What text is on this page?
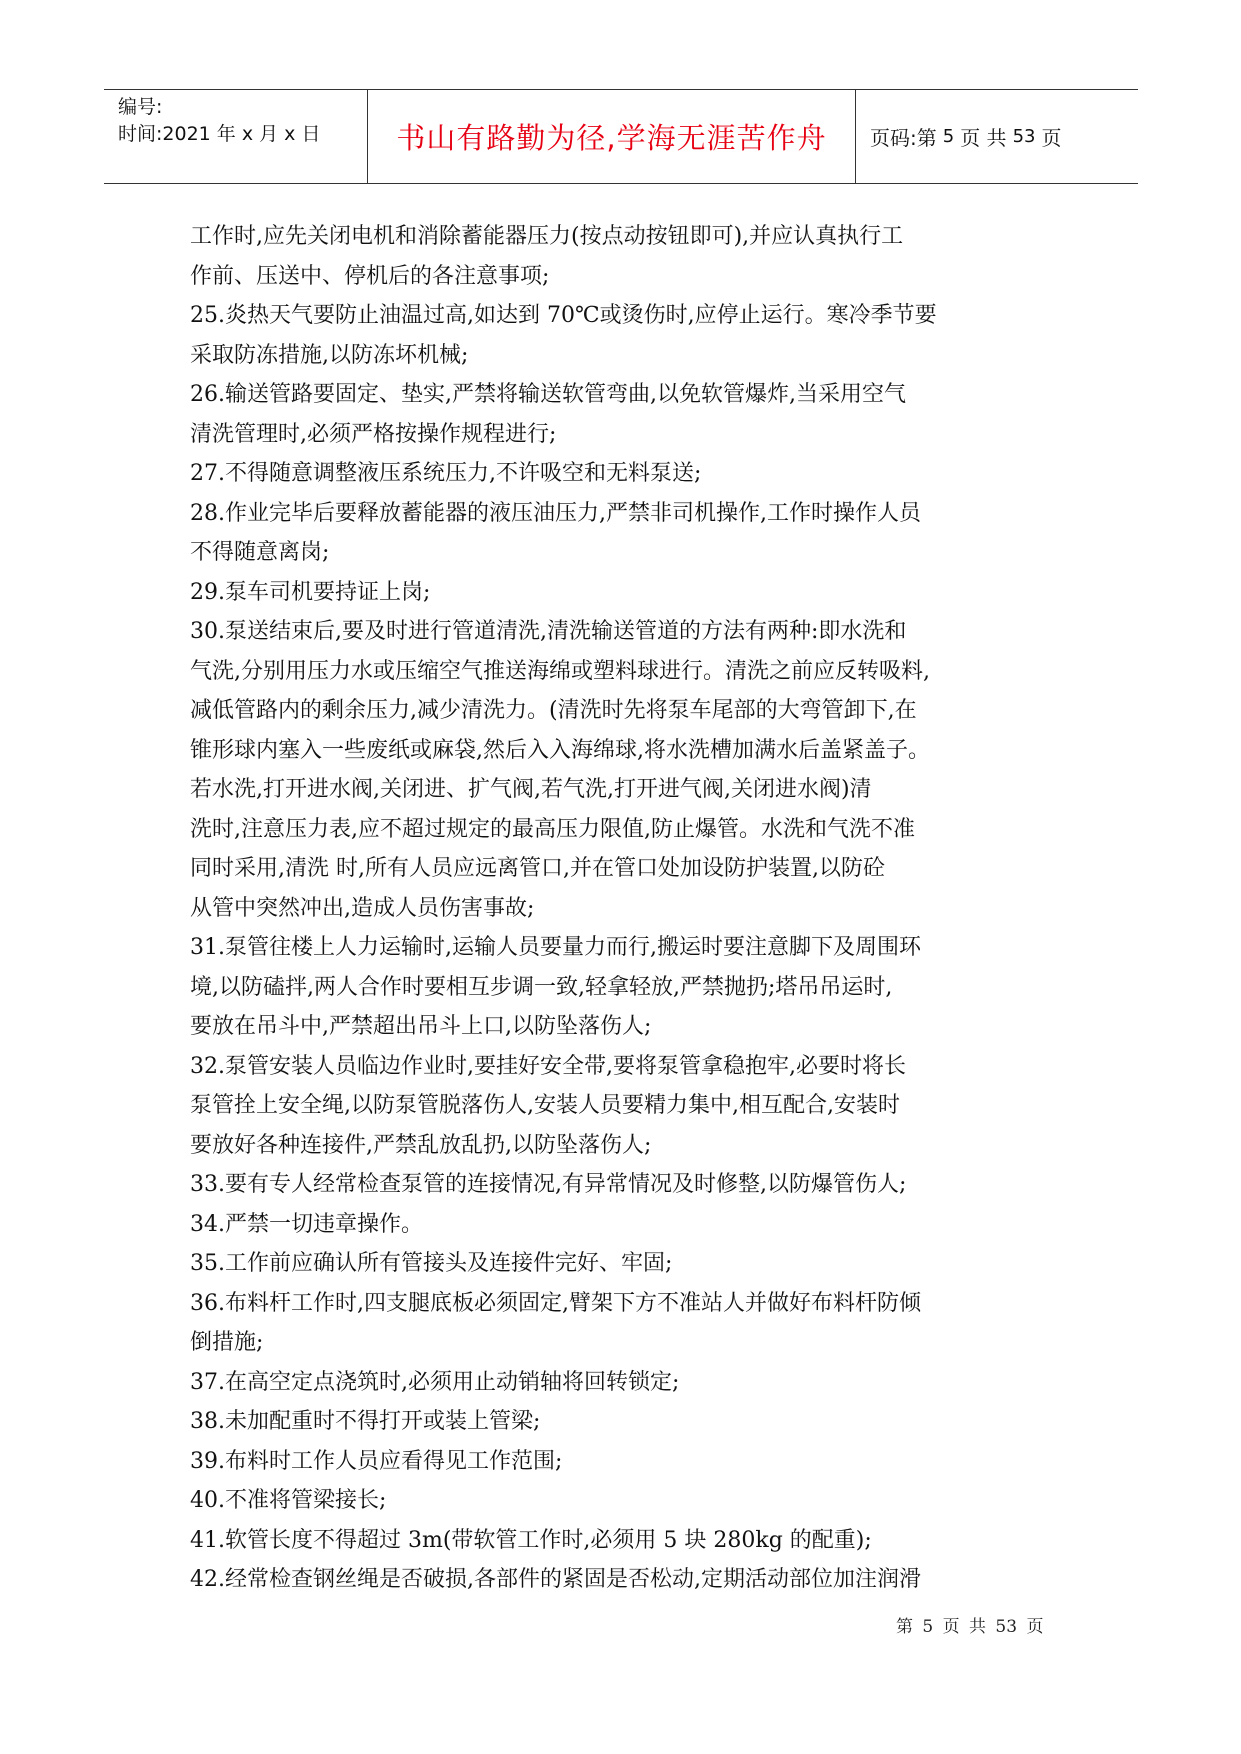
编号:
时间:2021 年 x 月 x 日	书山有路勤为径,学海无涯苦作舟	页码:第 5 页 共 53 页
工作时,应先关闭电机和消除蓄能器压力(按点动按钮即可),并应认真执行工
作前、压送中、停机后的各注意事项;
25.炎热天气要防止油温过高,如达到 70℃或烫伤时,应停止运行。寒冷季节要
采取防冻措施,以防冻坏机械;
26.输送管路要固定、垫实,严禁将输送软管弯曲,以免软管爆炸,当采用空气
清洗管理时,必须严格按操作规程进行;
27.不得随意调整液压系统压力,不许吸空和无料泵送;
28.作业完毕后要释放蓄能器的液压油压力,严禁非司机操作,工作时操作人员
不得随意离岗;
29.泵车司机要持证上岗;
30.泵送结束后,要及时进行管道清洗,清洗输送管道的方法有两种:即水洗和
气洗,分别用压力水或压缩空气推送海绵或塑料球进行。清洗之前应反转吸料,
减低管路内的剩余压力,减少清洗力。(清洗时先将泵车尾部的大弯管卸下,在
锥形球内塞入一些废纸或麻袋,然后入入海绵球,将水洗槽加满水后盖紧盖子。
若水洗,打开进水阀,关闭进、扩气阀,若气洗,打开进气阀,关闭进水阀)清
洗时,注意压力表,应不超过规定的最高压力限值,防止爆管。水洗和气洗不准
同时采用,清洗 时,所有人员应远离管口,并在管口处加设防护装置,以防砼
从管中突然冲出,造成人员伤害事故;
31.泵管往楼上人力运输时,运输人员要量力而行,搬运时要注意脚下及周围环
境,以防磕拌,两人合作时要相互步调一致,轻拿轻放,严禁抛扔;塔吊吊运时,
要放在吊斗中,严禁超出吊斗上口,以防坠落伤人;
32.泵管安装人员临边作业时,要挂好安全带,要将泵管拿稳抱牢,必要时将长
泵管拴上安全绳,以防泵管脱落伤人,安装人员要精力集中,相互配合,安装时
要放好各种连接件,严禁乱放乱扔,以防坠落伤人;
33.要有专人经常检查泵管的连接情况,有异常情况及时修整,以防爆管伤人;
34.严禁一切违章操作。
35.工作前应确认所有管接头及连接件完好、牢固;
36.布料杆工作时,四支腿底板必须固定,臂架下方不准站人并做好布料杆防倾
倒措施;
37.在高空定点浇筑时,必须用止动销轴将回转锁定;
38.未加配重时不得打开或装上管梁;
39.布料时工作人员应看得见工作范围;
40.不准将管梁接长;
41.软管长度不得超过 3m(带软管工作时,必须用 5 块 280kg 的配重);
42.经常检查钢丝绳是否破损,各部件的紧固是否松动,定期活动部位加注润滑
第 5 页 共 53 页
